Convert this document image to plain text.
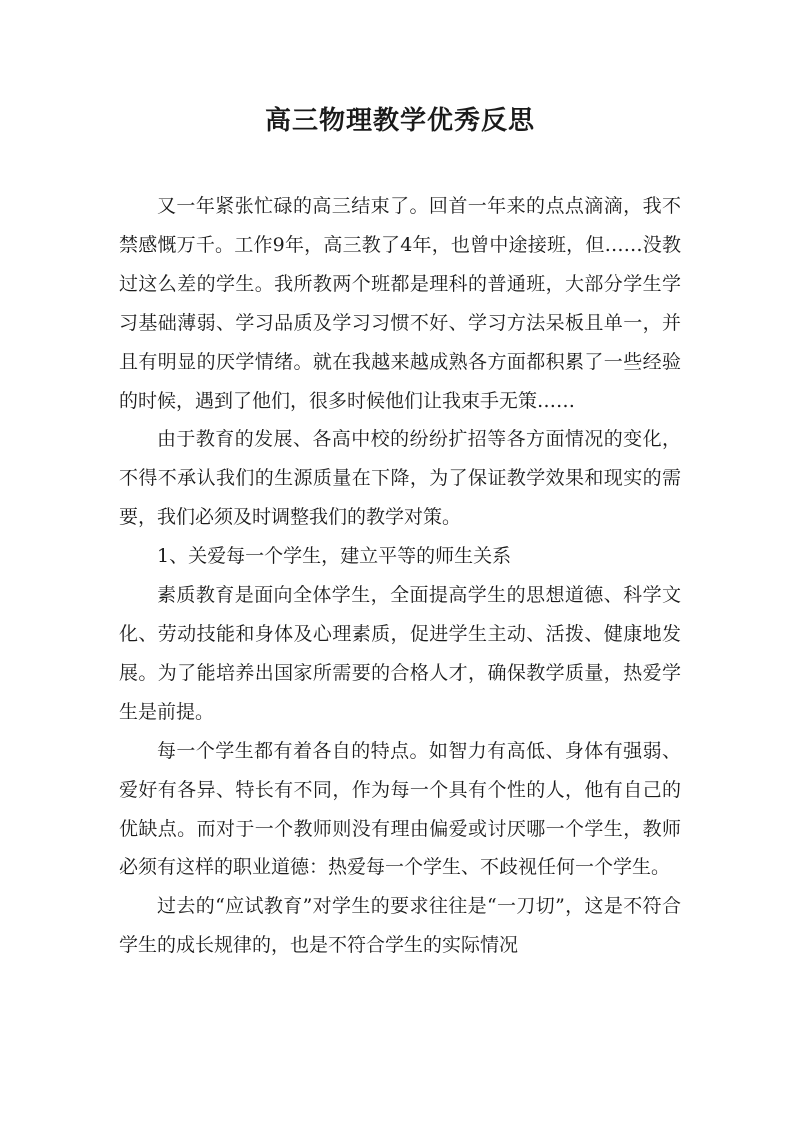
高三物理教学优秀反思

又一年紧张忙碌的高三结束了。回首一年来的点点滴滴，我不禁感慨万千。工作9年，高三教了4年，也曾中途接班，但……没教过这么差的学生。我所教两个班都是理科的普通班，大部分学生学习基础薄弱、学习品质及学习习惯不好、学习方法呆板且单一，并且有明显的厌学情绪。就在我越来越成熟各方面都积累了一些经验的时候，遇到了他们，很多时候他们让我束手无策……

由于教育的发展、各高中校的纷纷扩招等各方面情况的变化，不得不承认我们的生源质量在下降，为了保证教学效果和现实的需要，我们必须及时调整我们的教学对策。

1、关爱每一个学生，建立平等的师生关系

素质教育是面向全体学生，全面提高学生的思想道德、科学文化、劳动技能和身体及心理素质，促进学生主动、活拨、健康地发展。为了能培养出国家所需要的合格人才，确保教学质量，热爱学生是前提。

每一个学生都有着各自的特点。如智力有高低、身体有强弱、爱好有各异、特长有不同，作为每一个具有个性的人，他有自己的优缺点。而对于一个教师则没有理由偏爱或讨厌哪一个学生，教师必须有这样的职业道德：热爱每一个学生、不歧视任何一个学生。

过去的“应试教育”对学生的要求往往是“一刀切”，这是不符合学生的成长规律的，也是不符合学生的实际情况
